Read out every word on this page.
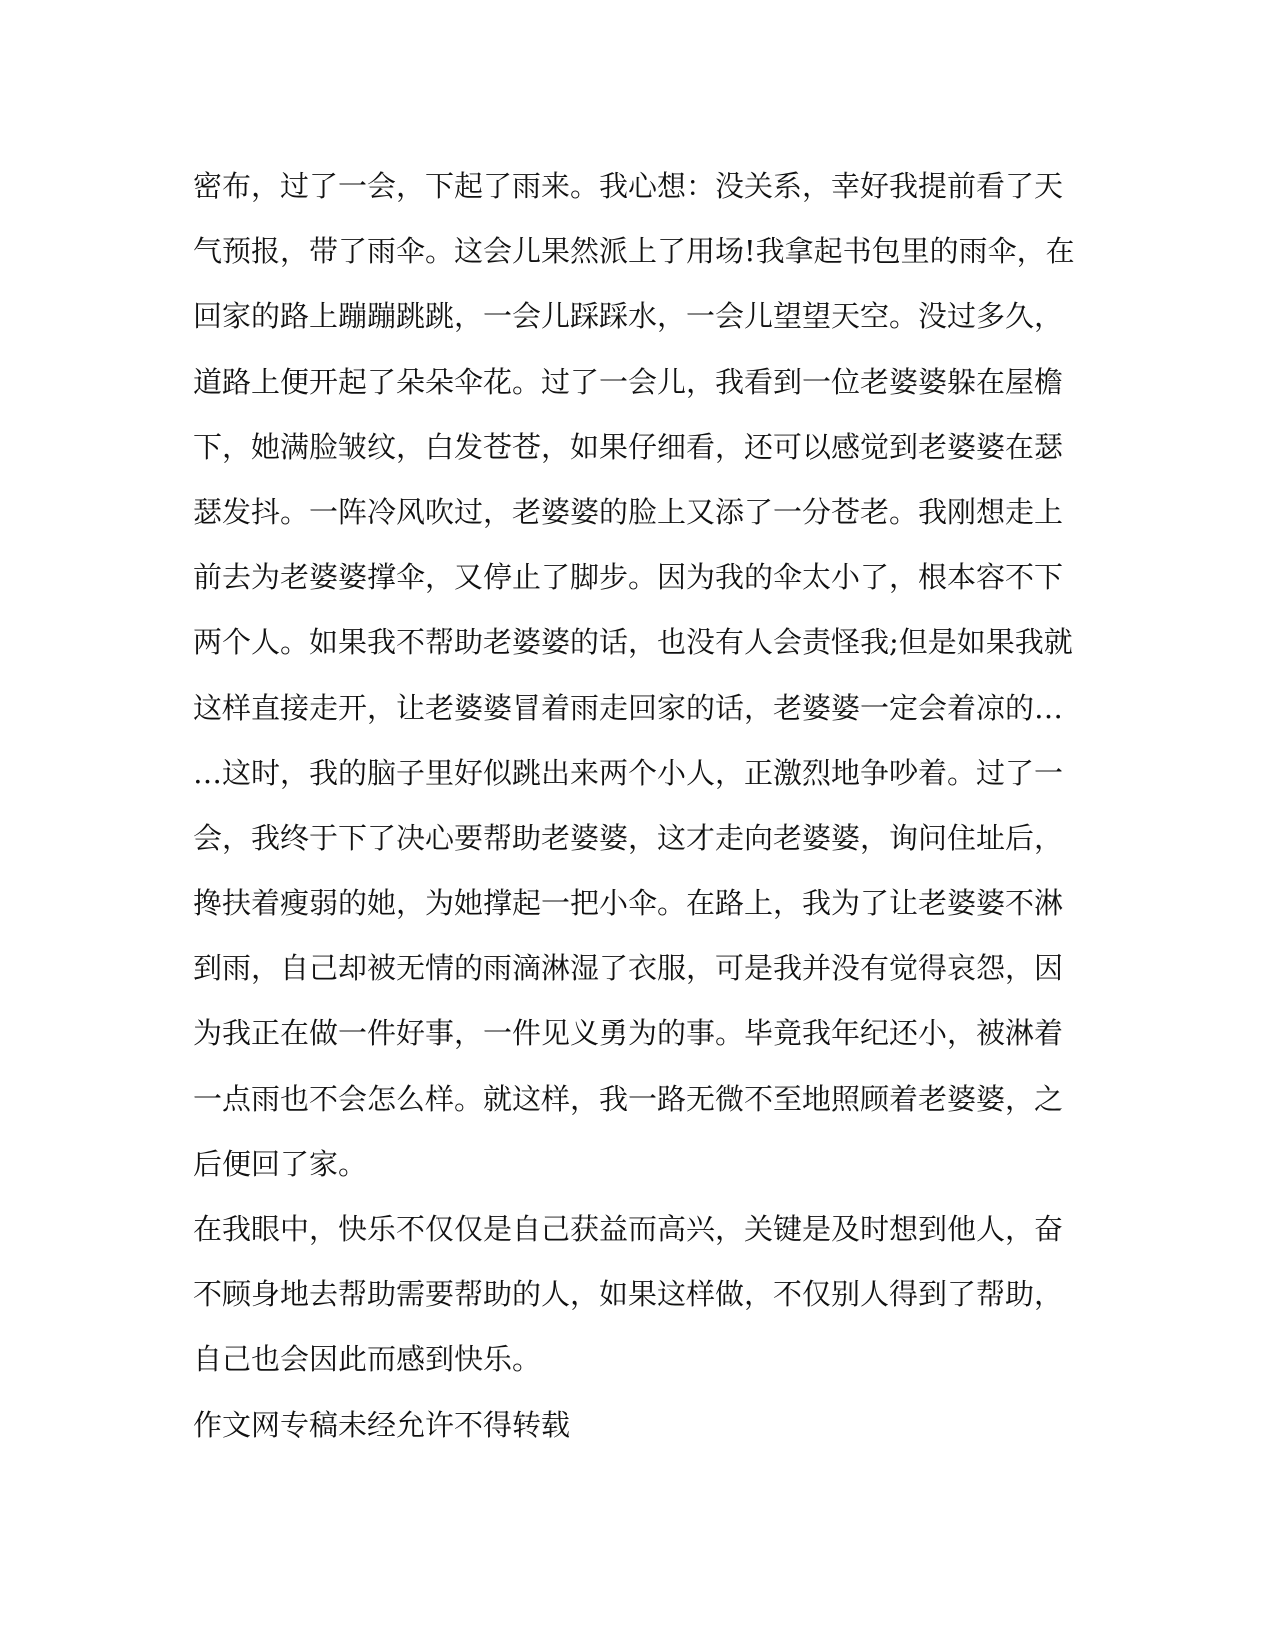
密布，过了一会，下起了雨来。我心想：没关系，幸好我提前看了天
气预报，带了雨伞。这会儿果然派上了用场!我拿起书包里的雨伞，在
回家的路上蹦蹦跳跳，一会儿踩踩水，一会儿望望天空。没过多久，
道路上便开起了朵朵伞花。过了一会儿，我看到一位老婆婆躲在屋檐
下，她满脸皱纹，白发苍苍，如果仔细看，还可以感觉到老婆婆在瑟
瑟发抖。一阵冷风吹过，老婆婆的脸上又添了一分苍老。我刚想走上
前去为老婆婆撑伞，又停止了脚步。因为我的伞太小了，根本容不下
两个人。如果我不帮助老婆婆的话，也没有人会责怪我;但是如果我就
这样直接走开，让老婆婆冒着雨走回家的话，老婆婆一定会着凉的…
…这时，我的脑子里好似跳出来两个小人，正激烈地争吵着。过了一
会，我终于下了决心要帮助老婆婆，这才走向老婆婆，询问住址后，
搀扶着瘦弱的她，为她撑起一把小伞。在路上，我为了让老婆婆不淋
到雨，自己却被无情的雨滴淋湿了衣服，可是我并没有觉得哀怨，因
为我正在做一件好事，一件见义勇为的事。毕竟我年纪还小，被淋着
一点雨也不会怎么样。就这样，我一路无微不至地照顾着老婆婆，之
后便回了家。
在我眼中，快乐不仅仅是自己获益而高兴，关键是及时想到他人，奋
不顾身地去帮助需要帮助的人，如果这样做，不仅别人得到了帮助，
自己也会因此而感到快乐。
作文网专稿未经允许不得转载
